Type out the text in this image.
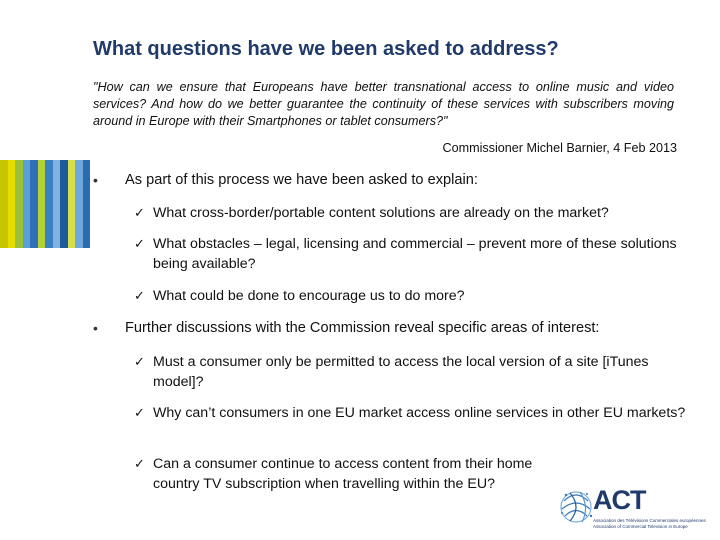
What questions have we been asked to address?
"How can we ensure that Europeans have better transnational access to online music and video services? And how do we better guarantee the continuity of these services with subscribers moving around in Europe with their Smartphones or tablet consumers?"
Commissioner Michel Barnier, 4 Feb 2013
• As part of this process we have been asked to explain:
✓ What cross-border/portable content solutions are already on the market?
✓ What obstacles – legal, licensing and commercial – prevent more of these solutions being available?
✓ What could be done to encourage us to do more?
• Further discussions with the Commission reveal specific areas of interest:
✓ Must a consumer only be permitted to access the local version of a site [iTunes model]?
✓ Why can’t consumers in one EU market access online services in other EU markets?
✓ Can a consumer continue to access content from their home country TV subscription when travelling within the EU?
ACT
Association des Télévisions Commerciales européennes
Association of Commercial Television in Europe
